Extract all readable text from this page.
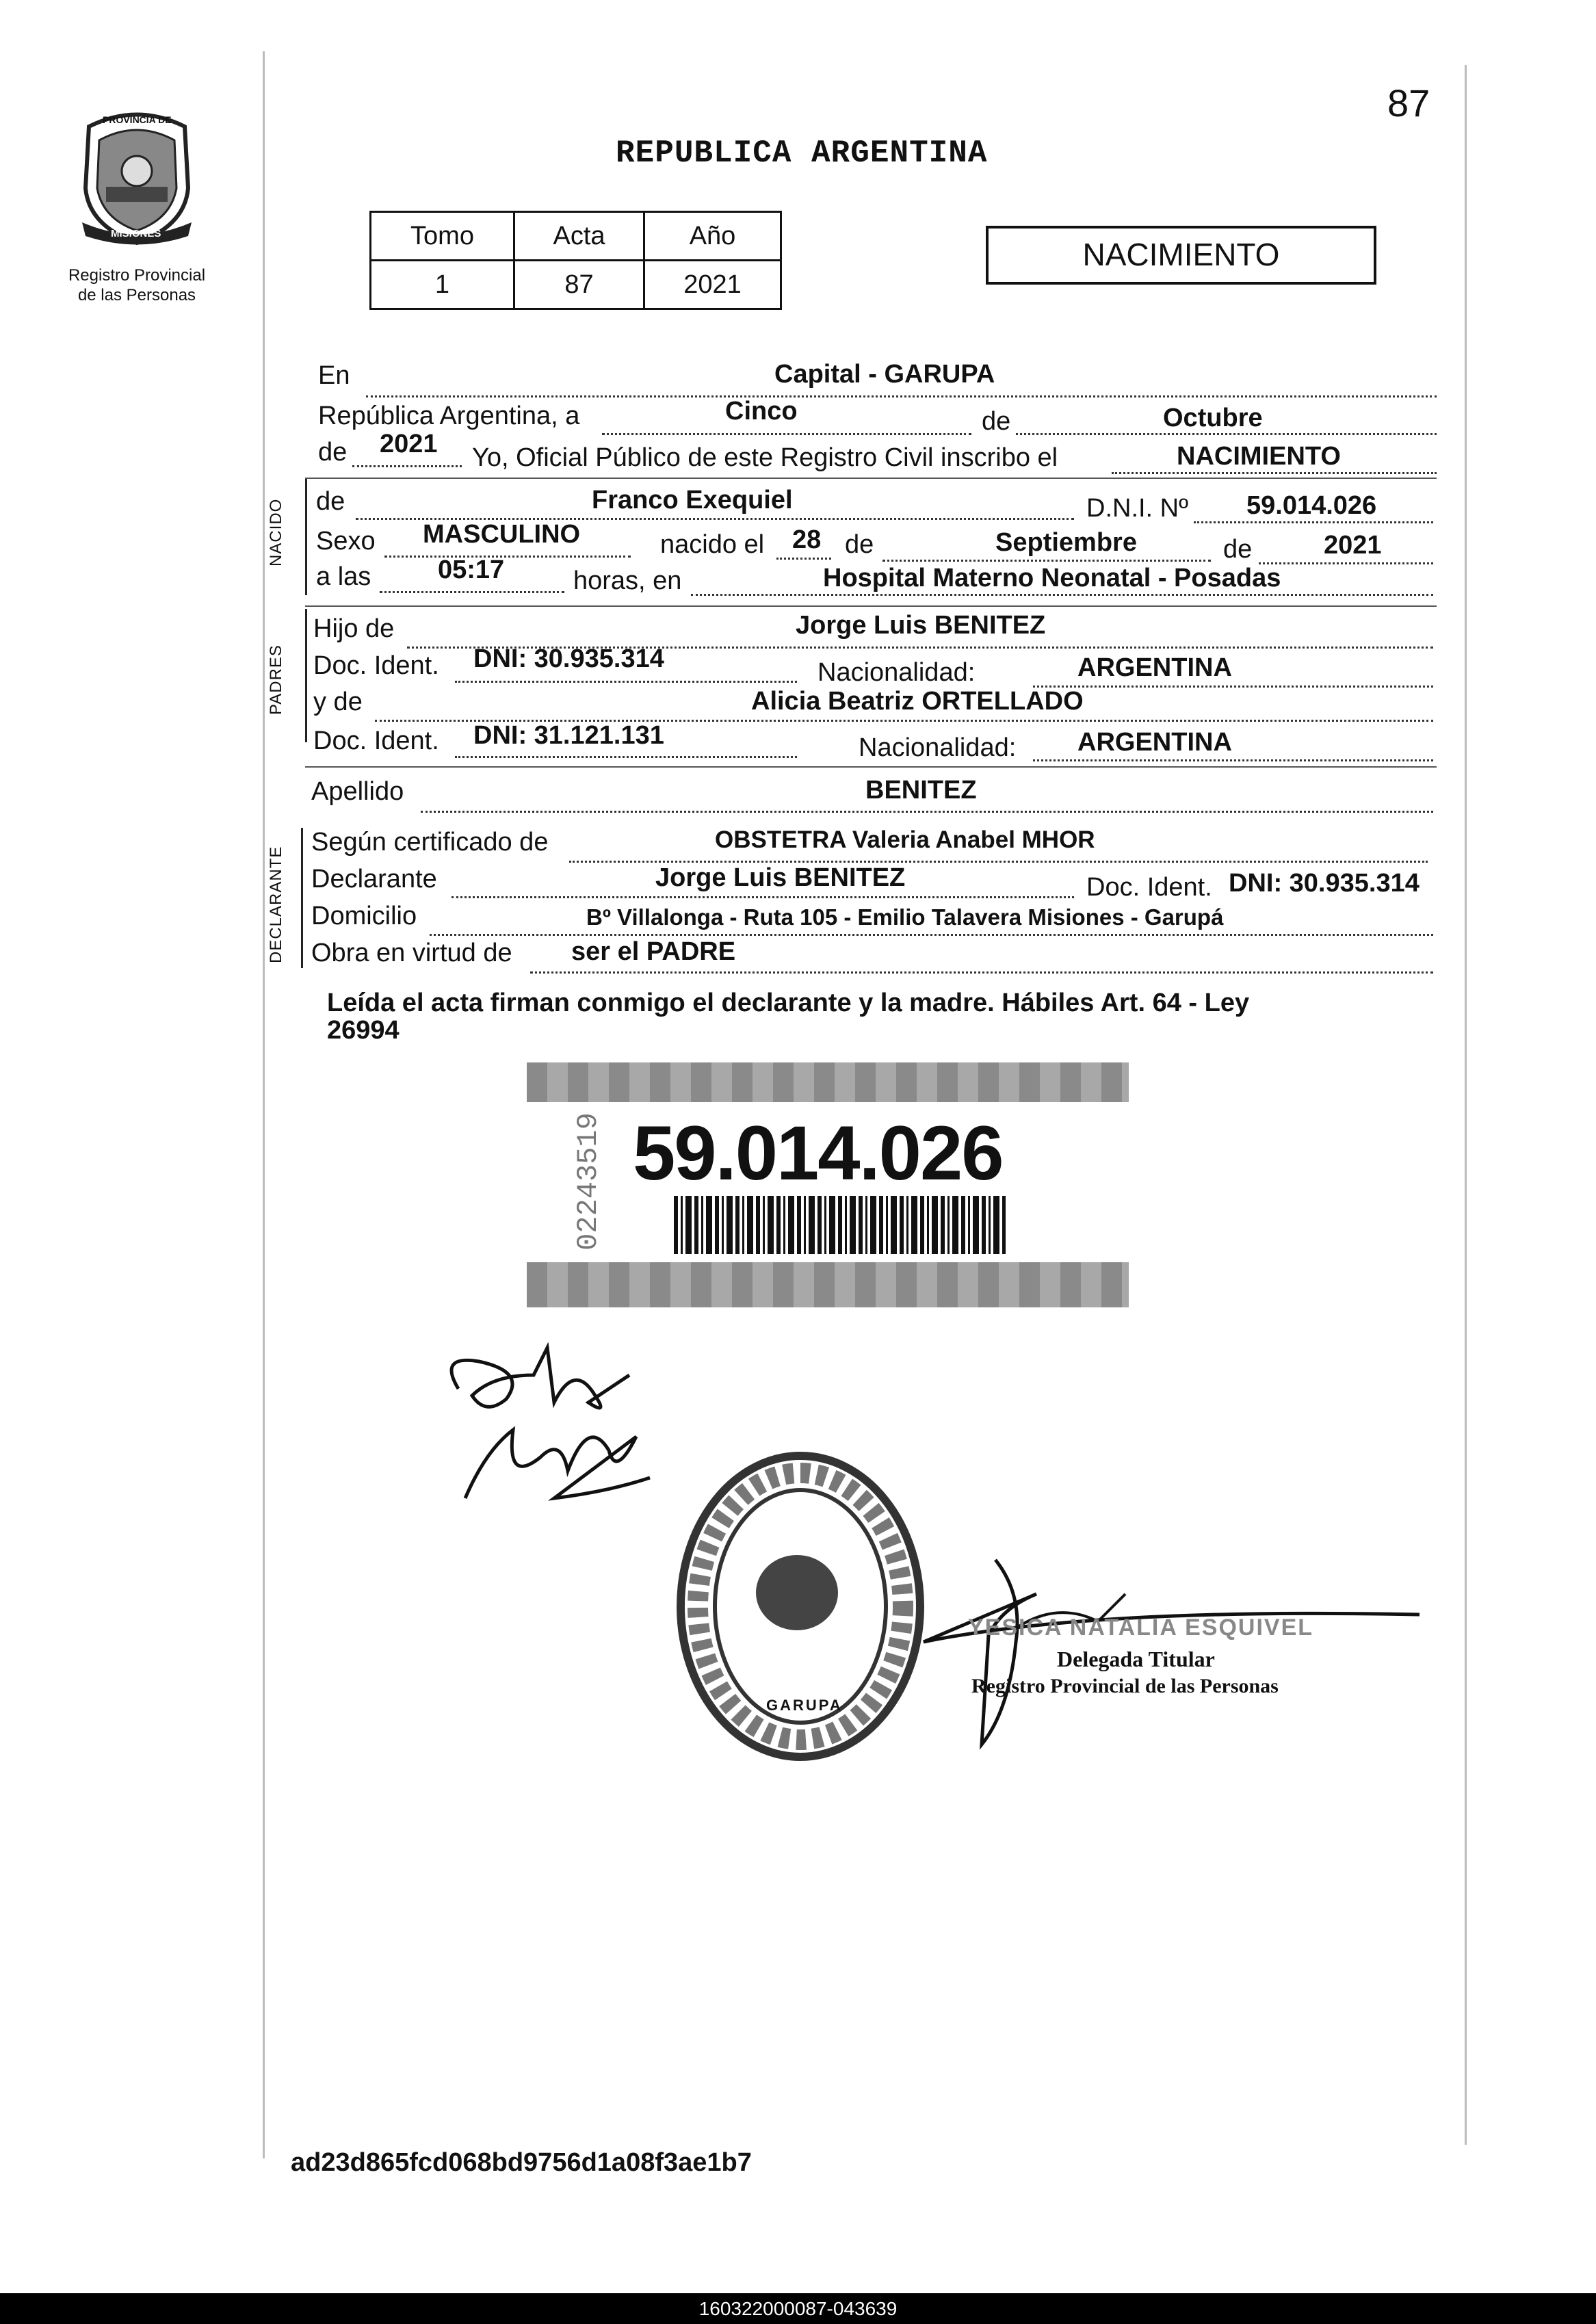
PROVINCIA DE
MISIONES
Registro Provincial
de las Personas
REPUBLICA ARGENTINA
87
Tomo	Acta	Año
1	87	2021
NACIMIENTO
En	Capital - GARUPA
República Argentina, a	Cinco	de	Octubre
de 2021 Yo, Oficial Público de este Registro Civil inscribo el	NACIMIENTO
NACIDO de	Franco Exequiel	D.N.I. Nº 59.014.026
Sexo MASCULINO	nacido el 28 de	Septiembre	de	2021
a las	05:17	horas, en	Hospital Materno Neonatal - Posadas
PADRES
Hijo de	Jorge Luis BENITEZ
Doc. Ident. DNI: 30.935.314	Nacionalidad:	ARGENTINA
y de	Alicia Beatriz ORTELLADO
Doc. Ident. DNI: 31.121.131	Nacionalidad: ARGENTINA
Apellido	BENITEZ
DECLARANTE
Según certificado de	OBSTETRA Valeria Anabel MHOR
Declarante	Jorge Luis BENITEZ	Doc. Ident. DNI: 30.935.314
Domicilio	Bº Villalonga - Ruta 105 - Emilio Talavera Misiones - Garupá
Obra en virtud de ser el PADRE
Leída el acta firman conmigo el declarante y la madre. Hábiles Art. 64 - Ley
26994
59.014.026
02243519
GARUPA
YESICA NATALIA ESQUIVEL
Delegada Titular
Registro Provincial de las Personas
ad23d865fcd068bd9756d1a08f3ae1b7
160322000087-043639
